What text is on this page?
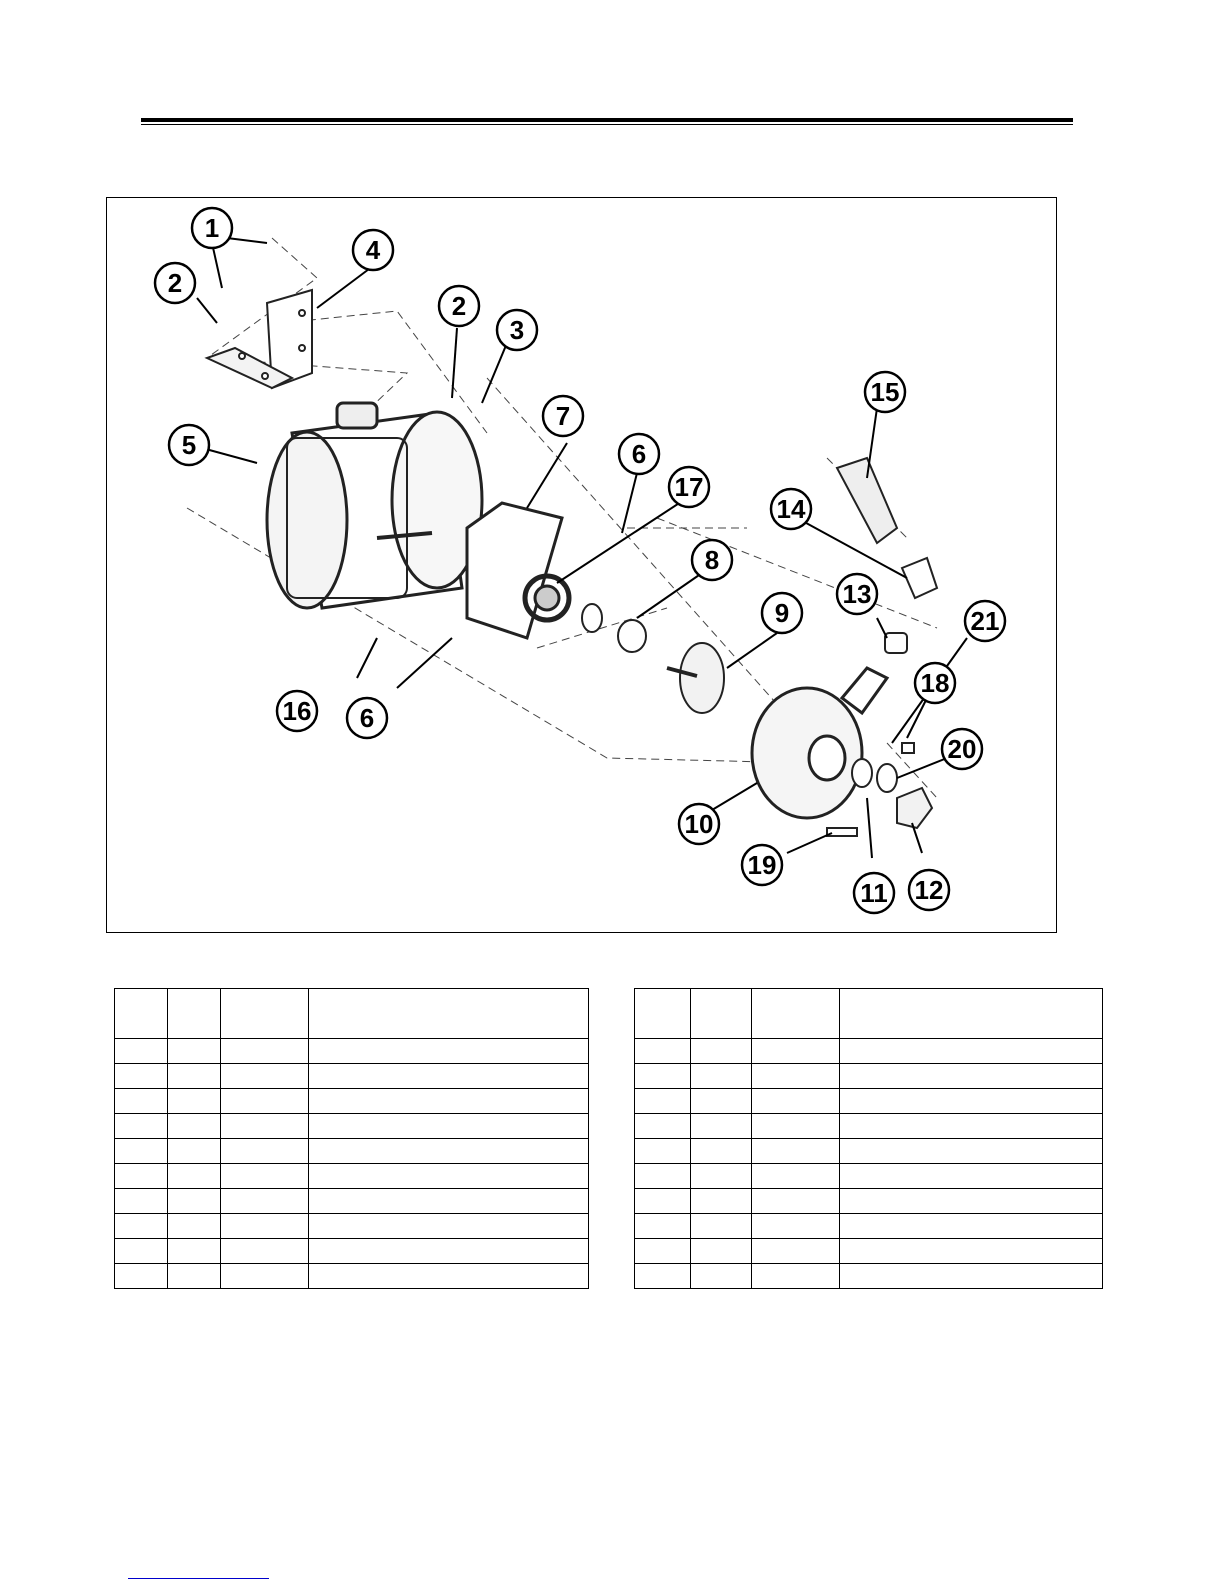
1
2
4
2
3
5
7
6
17
15
14
8
13
21
9
18
20
16 6
10
19
11 12
